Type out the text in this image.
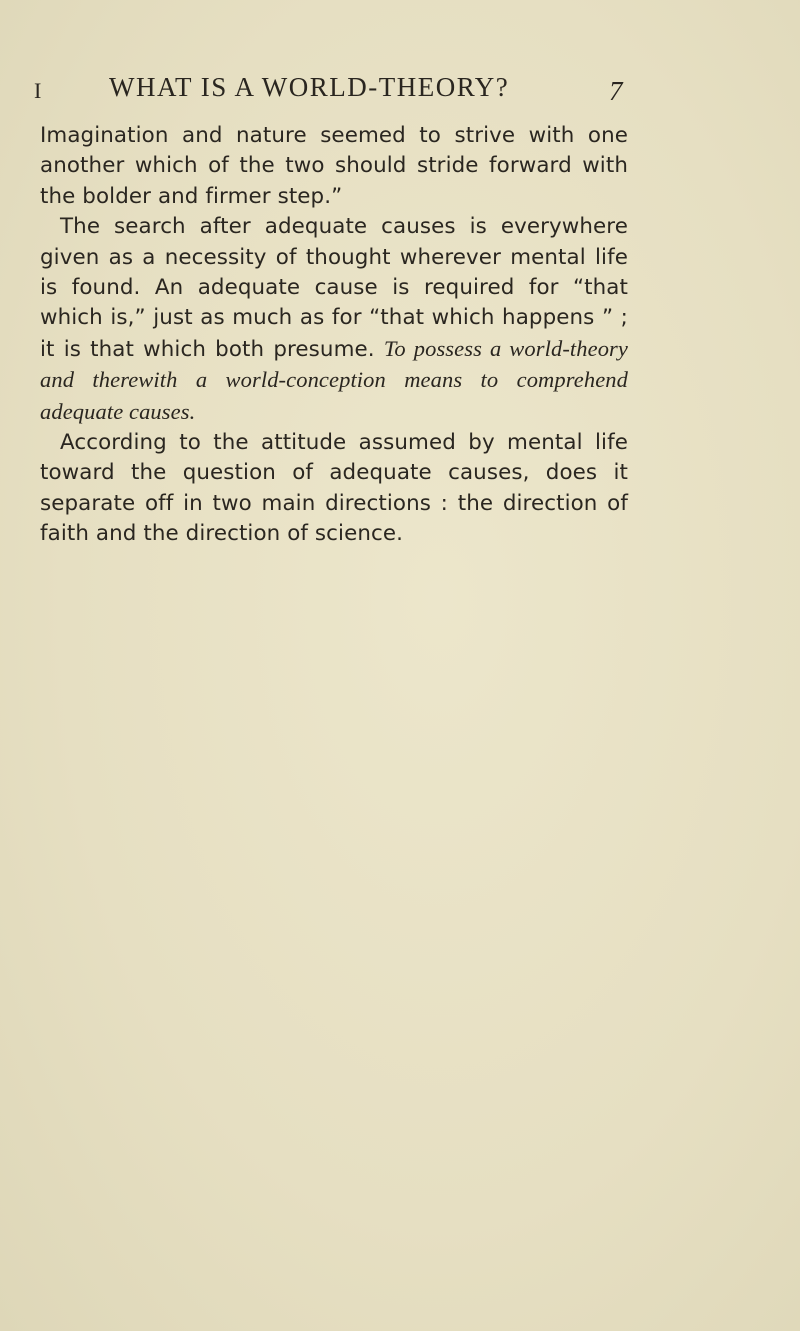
I WHAT IS A WORLD-THEORY?	7

Imagination and nature seemed to strive with one another which of the two should stride forward with the bolder and firmer step.”

The search after adequate causes is everywhere given as a necessity of thought wherever mental life is found. An adequate cause is required for “that which is,” just as much as for “that which happens ” ; it is that which both presume. To possess a world-theory and therewith a world-conception means to comprehend adequate causes.

According to the attitude assumed by mental life toward the question of adequate causes, does it separate off in two main directions : the direction of faith and the direction of science.
